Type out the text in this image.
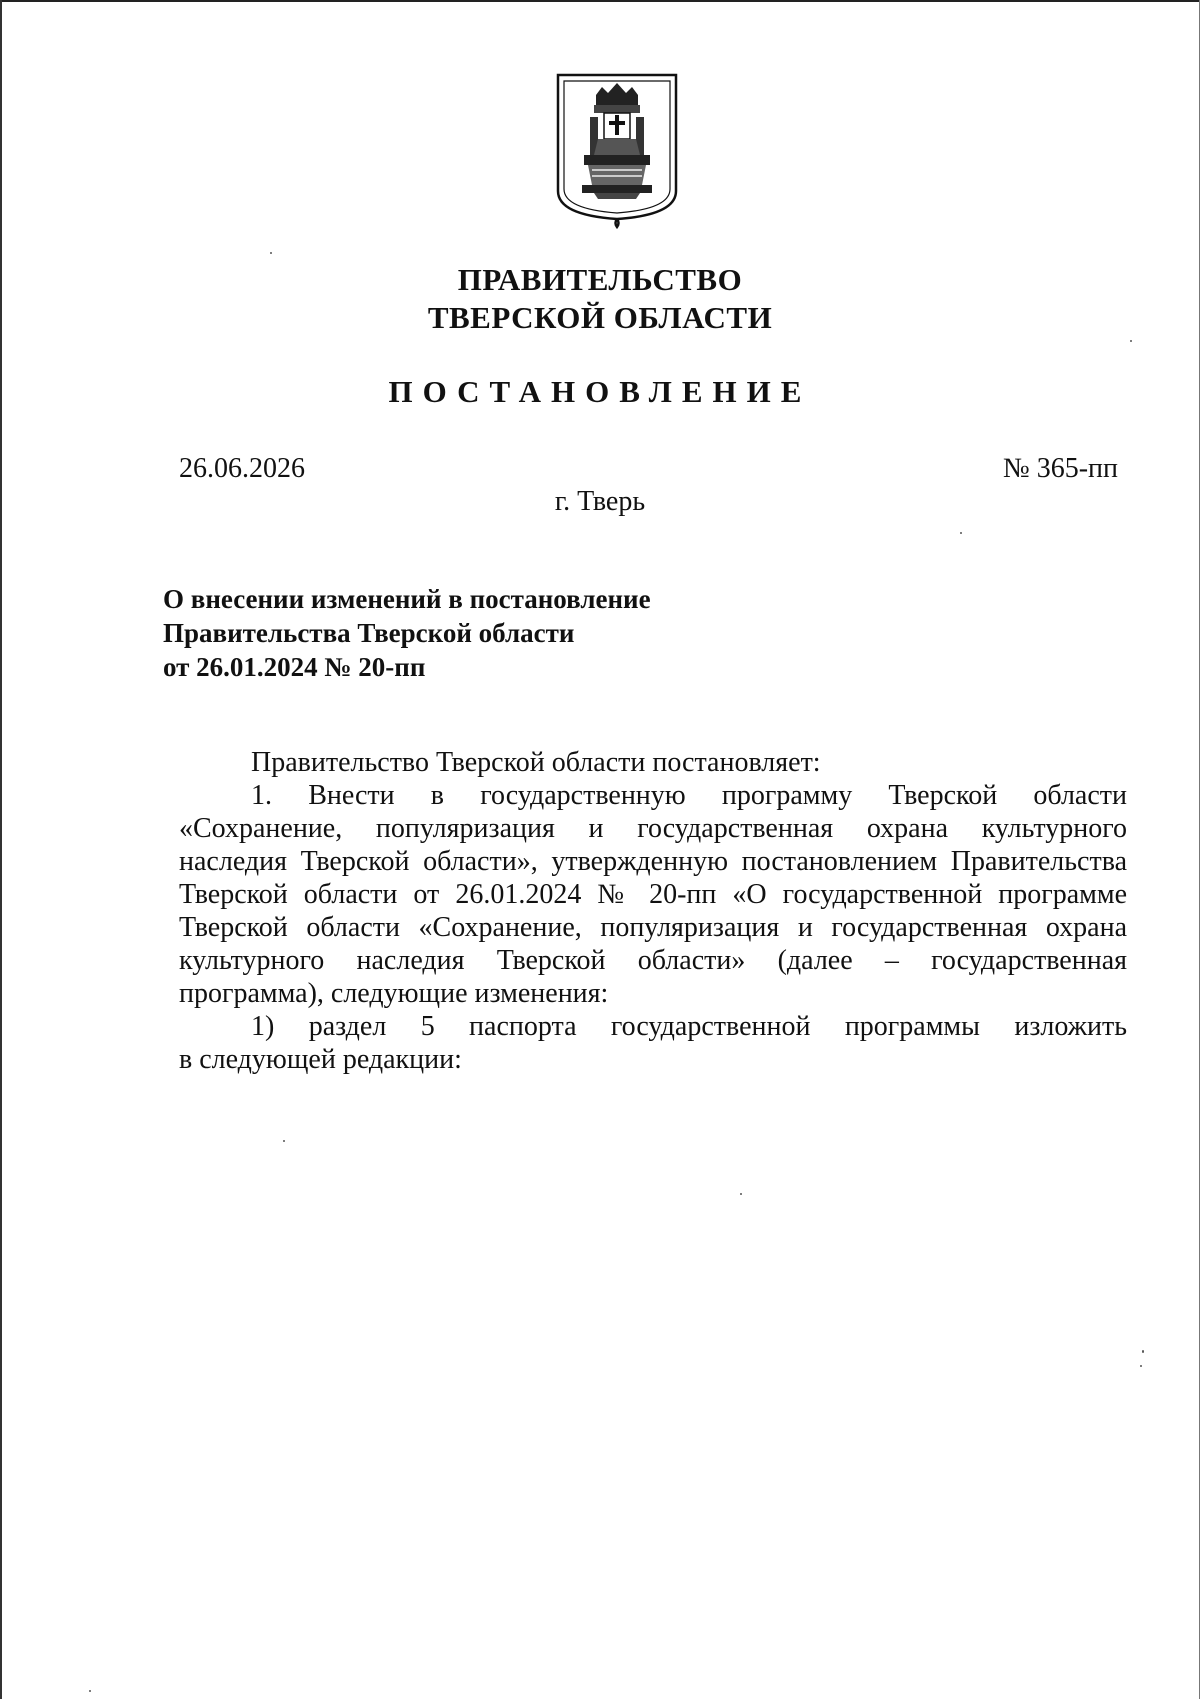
ПРАВИТЕЛЬСТВО
ТВЕРСКОЙ ОБЛАСТИ
ПОСТАНОВЛЕНИЕ
26.06.2026	№ 365-пп
г. Тверь
О внесении изменений в постановление
Правительства Тверской области
от 26.01.2024 № 20-пп
Правительство Тверской области постановляет:
1. Внести в государственную программу Тверской области
«Сохранение, популяризация и государственная охрана культурного
наследия Тверской области», утвержденную постановлением Правительства
Тверской области от 26.01.2024 № 20-пп «О государственной программе
Тверской области «Сохранение, популяризация и государственная охрана
культурного наследия Тверской области» (далее – государственная
программа), следующие изменения:
1) раздел 5 паспорта государственной программы изложить
в следующей редакции:
